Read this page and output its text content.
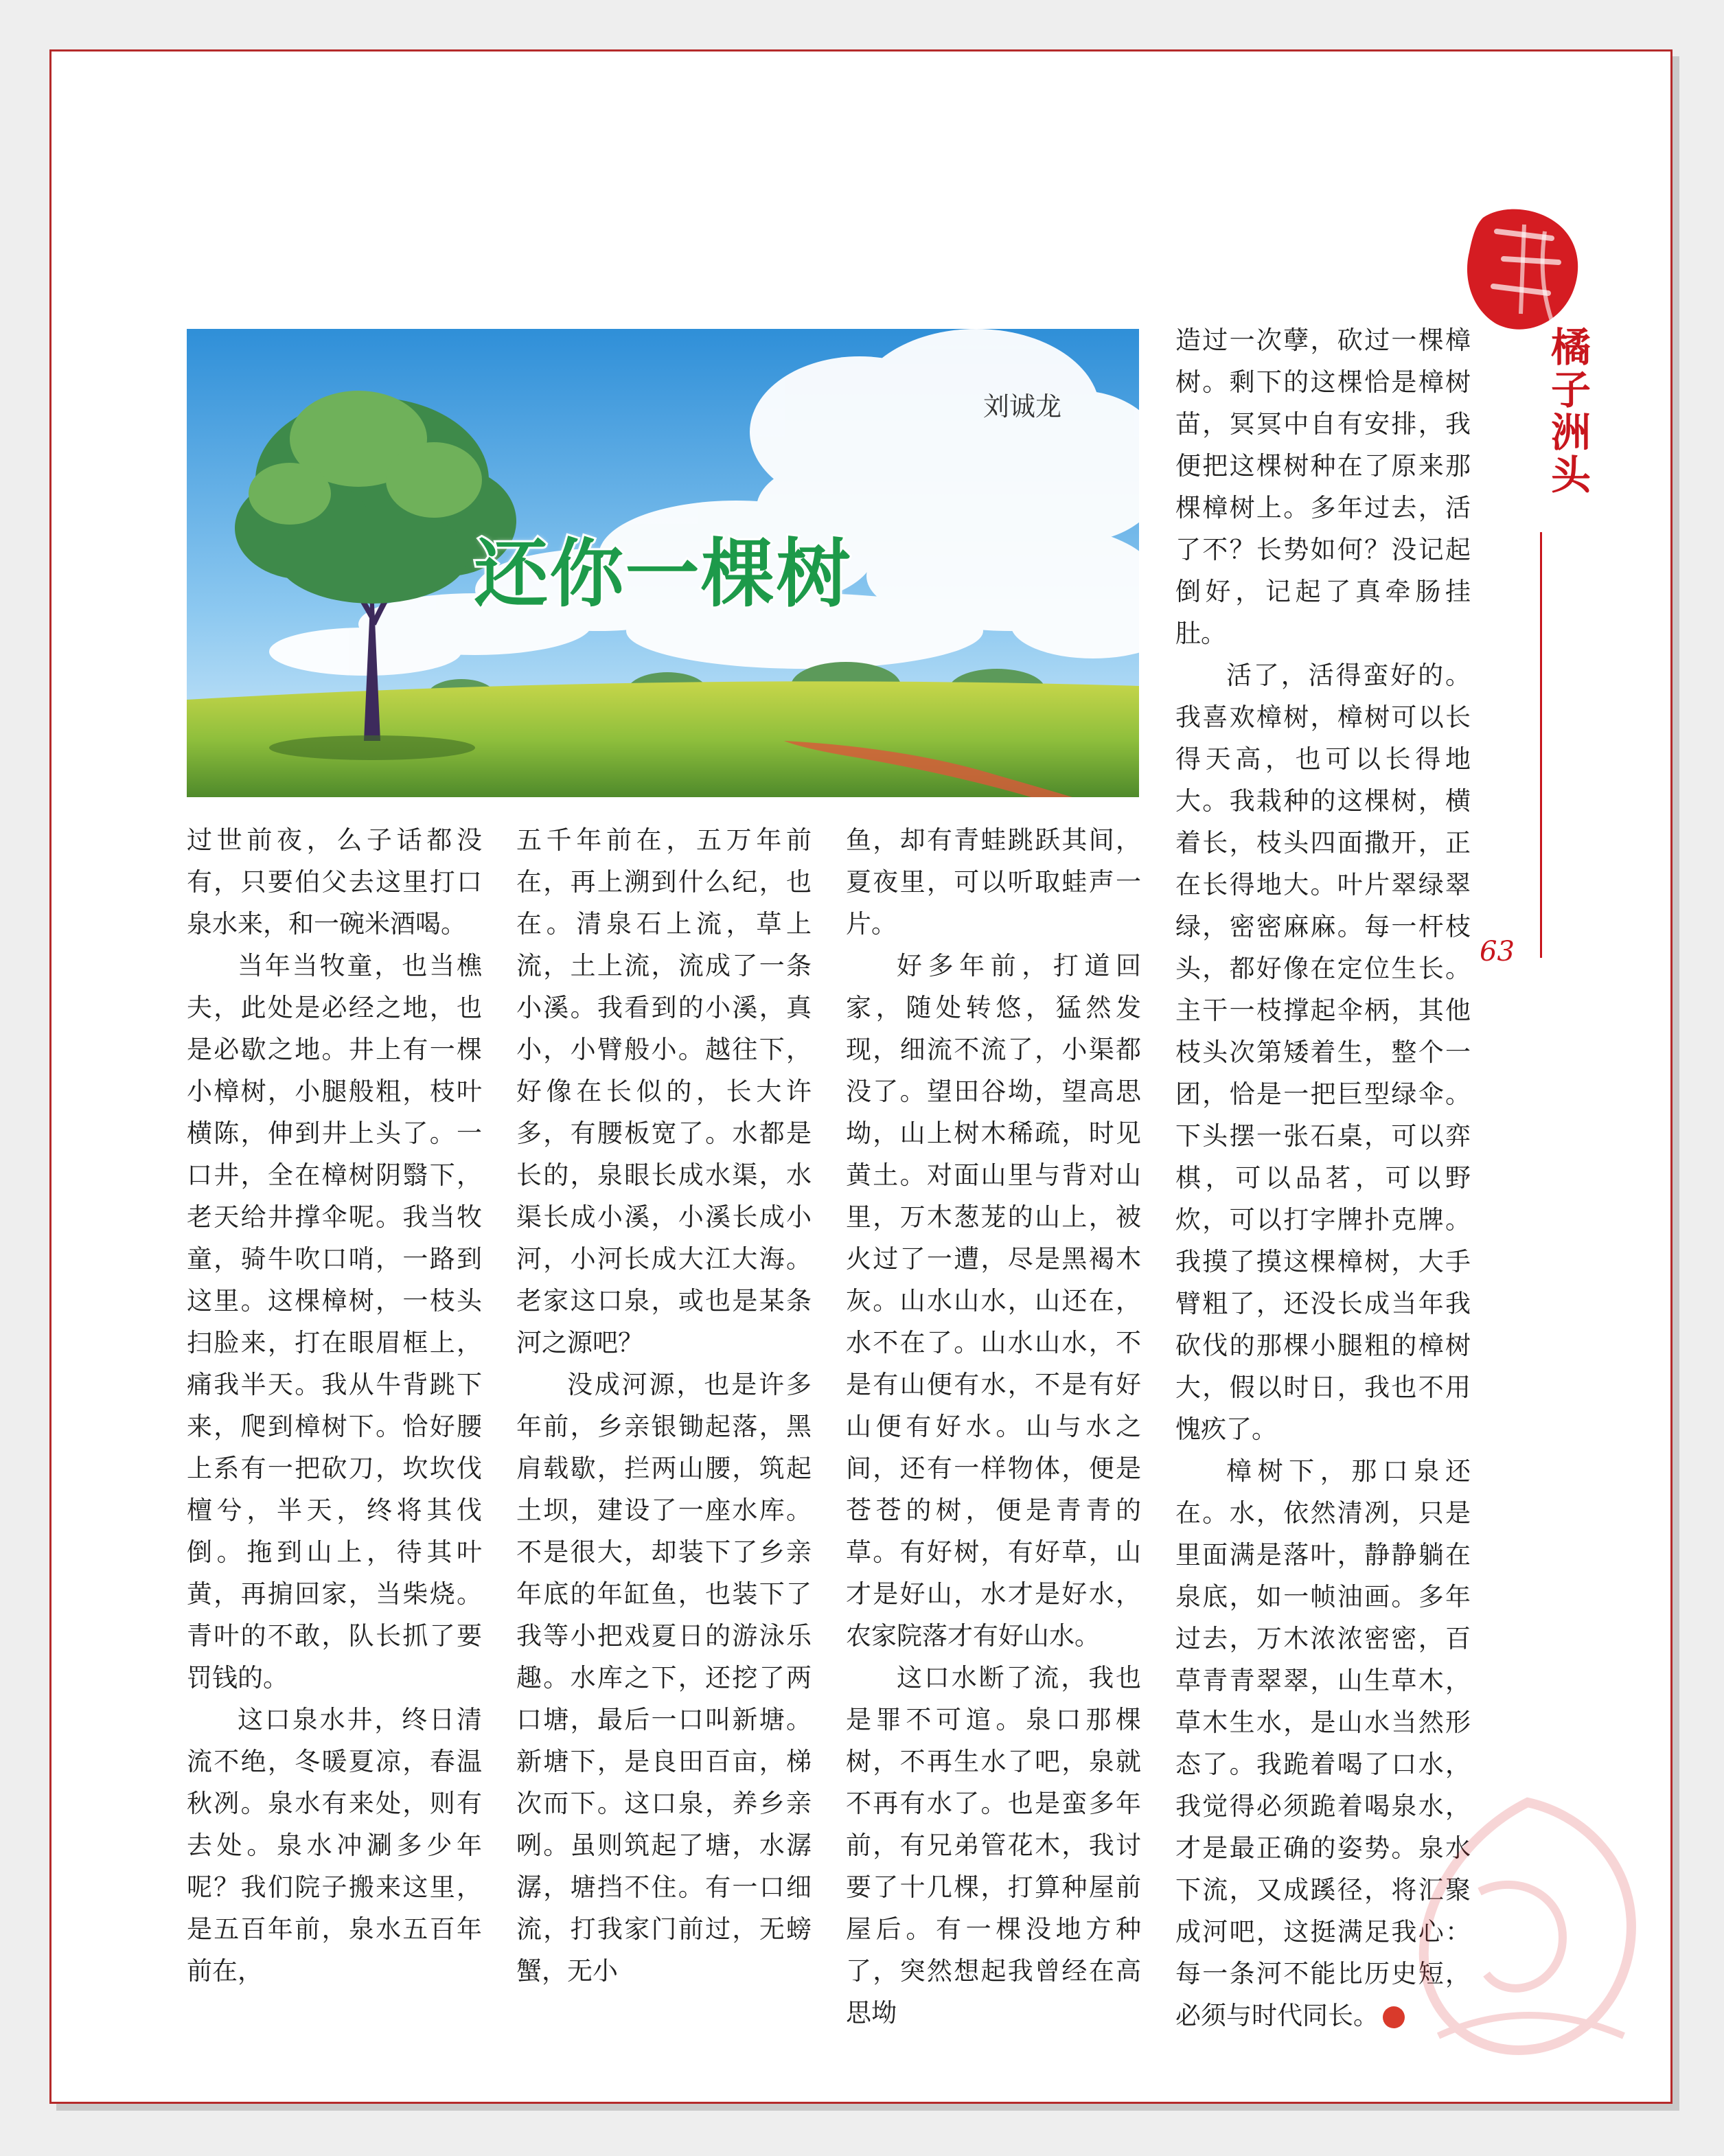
橘子洲头
63
还你一棵树
刘诚龙

过世前夜，么子话都没有，只要伯父去这里打口泉水来，和一碗米酒喝。

当年当牧童，也当樵夫，此处是必经之地，也是必歇之地。井上有一棵小樟树，小腿般粗，枝叶横陈，伸到井上头了。一口井，全在樟树阴翳下，老天给井撑伞呢。我当牧童，骑牛吹口哨，一路到这里。这棵樟树，一枝头扫脸来，打在眼眉框上，痛我半天。我从牛背跳下来，爬到樟树下。恰好腰上系有一把砍刀，坎坎伐檀兮，半天，终将其伐倒。拖到山上，待其叶黄，再掮回家，当柴烧。青叶的不敢，队长抓了要罚钱的。

这口泉水井，终日清流不绝，冬暖夏凉，春温秋冽。泉水有来处，则有去处。泉水冲涮多少年呢？我们院子搬来这里，是五百年前，泉水五百年前在，

五千年前在，五万年前在，再上溯到什么纪，也在。清泉石上流，草上流，土上流，流成了一条小溪。我看到的小溪，真小，小臂般小。越往下，好像在长似的，长大许多，有腰板宽了。水都是长的，泉眼长成水渠，水渠长成小溪，小溪长成小河，小河长成大江大海。老家这口泉，或也是某条河之源吧？

没成河源，也是许多年前，乡亲银锄起落，黑肩载歇，拦两山腰，筑起土坝，建设了一座水库。不是很大，却装下了乡亲年底的年缸鱼，也装下了我等小把戏夏日的游泳乐趣。水库之下，还挖了两口塘，最后一口叫新塘。新塘下，是良田百亩，梯次而下。这口泉，养乡亲咧。虽则筑起了塘，水潺潺，塘挡不住。有一口细流，打我家门前过，无螃蟹，无小

鱼，却有青蛙跳跃其间，夏夜里，可以听取蛙声一片。

好多年前，打道回家，随处转悠，猛然发现，细流不流了，小渠都没了。望田谷坳，望高思坳，山上树木稀疏，时见黄土。对面山里与背对山里，万木葱茏的山上，被火过了一遭，尽是黑褐木灰。山水山水，山还在，水不在了。山水山水，不是有山便有水，不是有好山便有好水。山与水之间，还有一样物体，便是苍苍的树，便是青青的草。有好树，有好草，山才是好山，水才是好水，农家院落才有好山水。

这口水断了流，我也是罪不可逭。泉口那棵树，不再生水了吧，泉就不再有水了。也是蛮多年前，有兄弟管花木，我讨要了十几棵，打算种屋前屋后。有一棵没地方种了，突然想起我曾经在高思坳

造过一次孽，砍过一棵樟树。剩下的这棵恰是樟树苗，冥冥中自有安排，我便把这棵树种在了原来那棵樟树上。多年过去，活了不？长势如何？没记起倒好，记起了真牵肠挂肚。

活了，活得蛮好的。我喜欢樟树，樟树可以长得天高，也可以长得地大。我栽种的这棵树，横着长，枝头四面撒开，正在长得地大。叶片翠绿翠绿，密密麻麻。每一杆枝头，都好像在定位生长。主干一枝撑起伞柄，其他枝头次第矮着生，整个一团，恰是一把巨型绿伞。下头摆一张石桌，可以弈棋，可以品茗，可以野炊，可以打字牌扑克牌。我摸了摸这棵樟树，大手臂粗了，还没长成当年我砍伐的那棵小腿粗的樟树大，假以时日，我也不用愧疚了。

樟树下，那口泉还在。水，依然清冽，只是里面满是落叶，静静躺在泉底，如一帧油画。多年过去，万木浓浓密密，百草青青翠翠，山生草木，草木生水，是山水当然形态了。我跪着喝了口水，我觉得必须跪着喝泉水，才是最正确的姿势。泉水下流，又成蹊径，将汇聚成河吧，这挺满足我心：每一条河不能比历史短，必须与时代同长。	新
